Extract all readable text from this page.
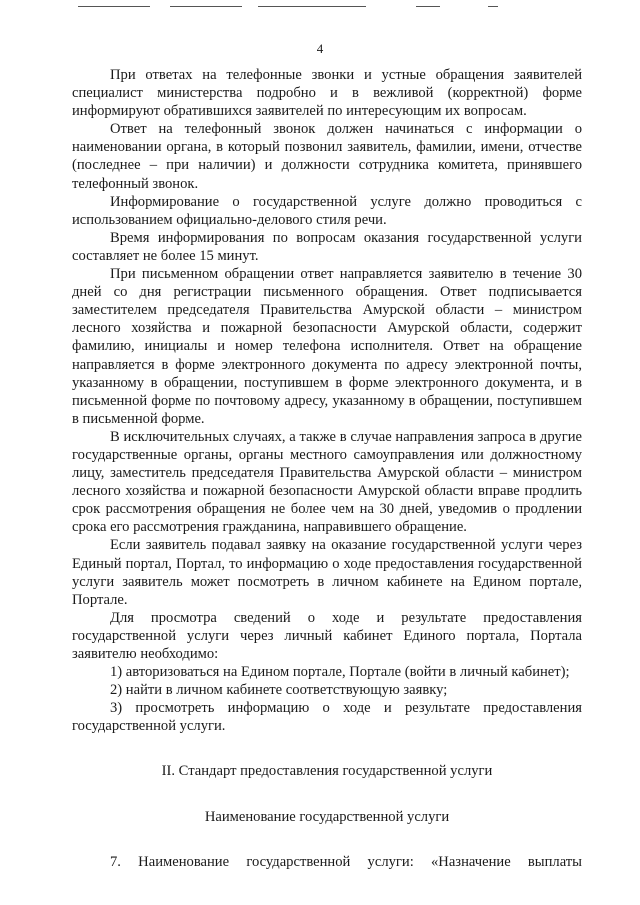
4

При ответах на телефонные звонки и устные обращения заявителей специалист министерства подробно и в вежливой (корректной) форме информируют обратившихся заявителей по интересующим их вопросам.

Ответ на телефонный звонок должен начинаться с информации о наименовании органа, в который позвонил заявитель, фамилии, имени, отчестве (последнее – при наличии) и должности сотрудника комитета, принявшего телефонный звонок.

Информирование о государственной услуге должно проводиться с использованием официально-делового стиля речи.

Время информирования по вопросам оказания государственной услуги составляет не более 15 минут.

При письменном обращении ответ направляется заявителю в течение 30 дней со дня регистрации письменного обращения. Ответ подписывается заместителем председателя Правительства Амурской области – министром лесного хозяйства и пожарной безопасности Амурской области, содержит фамилию, инициалы и номер телефона исполнителя. Ответ на обращение направляется в форме электронного документа по адресу электронной почты, указанному в обращении, поступившем в форме электронного документа, и в письменной форме по почтовому адресу, указанному в обращении, поступившем в письменной форме.

В исключительных случаях, а также в случае направления запроса в другие государственные органы, органы местного самоуправления или должностному лицу, заместитель председателя Правительства Амурской области – министром лесного хозяйства и пожарной безопасности Амурской области вправе продлить срок рассмотрения обращения не более чем на 30 дней, уведомив о продлении срока его рассмотрения гражданина, направившего обращение.

Если заявитель подавал заявку на оказание государственной услуги через Единый портал, Портал, то информацию о ходе предоставления государственной услуги заявитель может посмотреть в личном кабинете на Едином портале, Портале.

Для просмотра сведений о ходе и результате предоставления государственной услуги через личный кабинет Единого портала, Портала заявителю необходимо:

1) авторизоваться на Едином портале, Портале (войти в личный кабинет);
2) найти в личном кабинете соответствующую заявку;
3) просмотреть информацию о ходе и результате предоставления государственной услуги.
II. Стандарт предоставления государственной услуги
Наименование государственной услуги

7. Наименование государственной услуги: «Назначение выплаты
